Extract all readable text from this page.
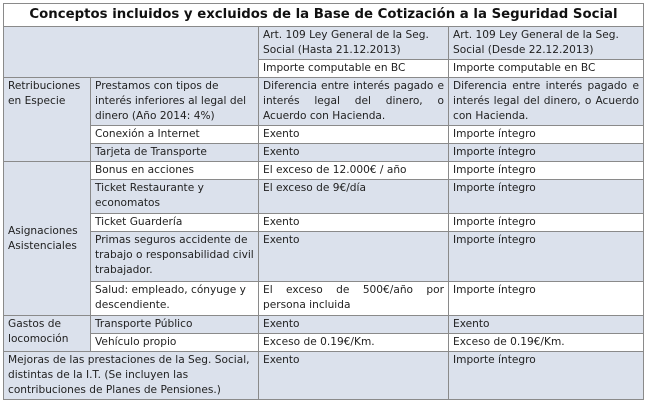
Conceptos incluidos y excluidos de la Base de Cotización a la Seguridad Social			
		Art. 109 Ley General de la Seg. Social (Hasta 21.12.2013)	Art. 109 Ley General de la Seg. Social (Desde 22.12.2013)
		Importe computable en BC	Importe computable en BC
Retribuciones en Especie	Prestamos con tipos de interés inferiores al legal del dinero (Año 2014: 4%)	Diferencia entre interés pagado e interés legal del dinero, o Acuerdo con Hacienda.	Diferencia entre interés pagado e interés legal del dinero, o Acuerdo con Hacienda.
	Conexión a Internet	Exento	Importe íntegro
	Tarjeta de Transporte	Exento	Importe íntegro
Asignaciones Asistenciales	Bonus en acciones	El exceso de 12.000€ / año	Importe íntegro
	Ticket Restaurante y economatos	El exceso de 9€/día	Importe íntegro
	Ticket Guardería	Exento	Importe íntegro
	Primas seguros accidente de trabajo o responsabilidad civil trabajador.	Exento	Importe íntegro
	Salud: empleado, cónyuge y descendiente.	El exceso de 500€/año por persona incluida	Importe íntegro
Gastos de locomoción	Transporte Público	Exento	Exento
	Vehículo propio	Exceso de 0.19€/Km.	Exceso de 0.19€/Km.
Mejoras de las prestaciones de la Seg. Social, distintas de la I.T. (Se incluyen las contribuciones de Planes de Pensiones.)		Exento	Importe íntegro
